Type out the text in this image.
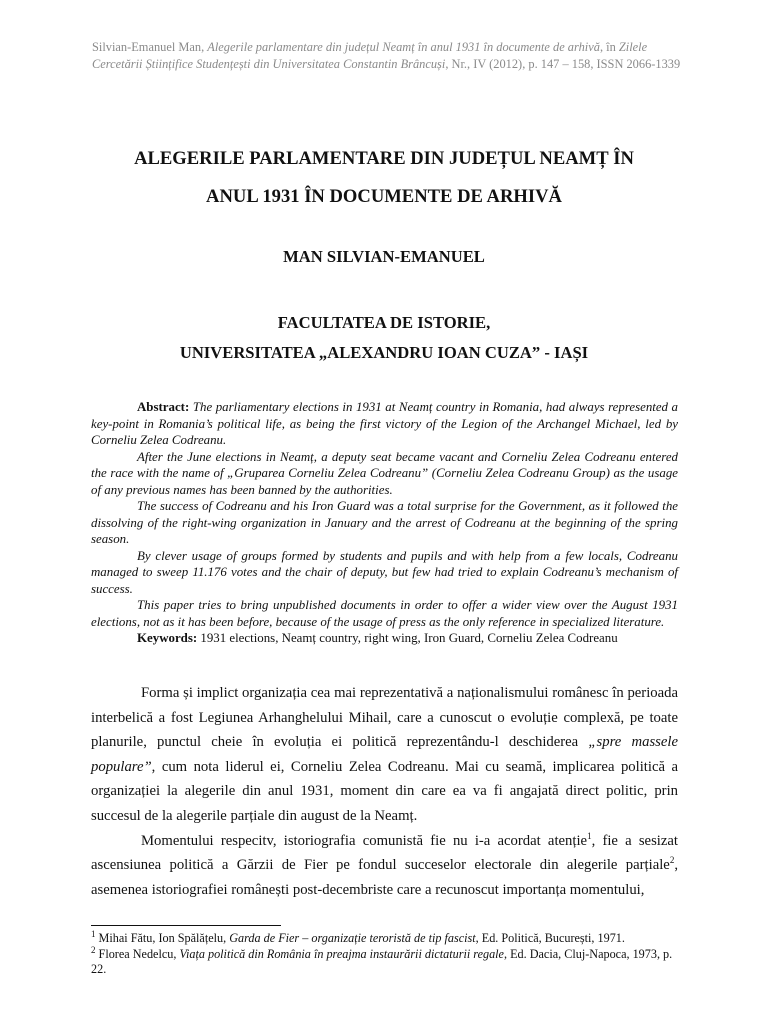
Silvian-Emanuel Man, Alegerile parlamentare din județul Neamț în anul 1931 în documente de arhivă, în Zilele Cercetării Științifice Studențești din Universitatea Constantin Brâncuși, Nr., IV (2012), p. 147 – 158, ISSN 2066-1339
ALEGERILE PARLAMENTARE DIN JUDEȚUL NEAMȚ ÎN
ANUL 1931 ÎN DOCUMENTE DE ARHIVĂ
MAN SILVIAN-EMANUEL
FACULTATEA DE ISTORIE,
UNIVERSITATEA „ALEXANDRU IOAN CUZA” - IAȘI

Abstract: The parliamentary elections in 1931 at Neamț country in Romania, had always represented a key-point in Romania’s political life, as being the first victory of the Legion of the Archangel Michael, led by Corneliu Zelea Codreanu.

After the June elections in Neamț, a deputy seat became vacant and Corneliu Zelea Codreanu entered the race with the name of „Gruparea Corneliu Zelea Codreanu” (Corneliu Zelea Codreanu Group) as the usage of any previous names has been banned by the authorities.

The success of Codreanu and his Iron Guard was a total surprise for the Government, as it followed the dissolving of the right-wing organization in January and the arrest of Codreanu at the beginning of the spring season.

By clever usage of groups formed by students and pupils and with help from a few locals, Codreanu managed to sweep 11.176 votes and the chair of deputy, but few had tried to explain Codreanu’s mechanism of success.

This paper tries to bring unpublished documents in order to offer a wider view over the August 1931 elections, not as it has been before, because of the usage of press as the only reference in specialized literature.

Keywords: 1931 elections, Neamț country, right wing, Iron Guard, Corneliu Zelea Codreanu

Forma și implict organizația cea mai reprezentativă a naționalismului românesc în perioada interbelică a fost Legiunea Arhanghelului Mihail, care a cunoscut o evoluție complexă, pe toate planurile, punctul cheie în evoluția ei politică reprezentându-l deschiderea „spre massele populare”, cum nota liderul ei, Corneliu Zelea Codreanu. Mai cu seamă, implicarea politică a organizației la alegerile din anul 1931, moment din care ea va fi angajată direct politic, prin succesul de la alegerile parțiale din august de la Neamț.

Momentului respecitv, istoriografia comunistă fie nu i-a acordat atenție$^1$, fie a sesizat ascensiunea politică a Gărzii de Fier pe fondul succeselor electorale din alegerile parțiale$^2$, asemenea istoriografiei românești post-decembriste care a recunoscut importanța momentului,

$^1$ Mihai Fătu, Ion Spălățelu, Garda de Fier – organizație teroristă de tip fascist, Ed. Politică, București, 1971.

$^2$ Florea Nedelcu, Viața politică din România în preajma instaurării dictaturii regale, Ed. Dacia, Cluj-Napoca, 1973, p. 22.
